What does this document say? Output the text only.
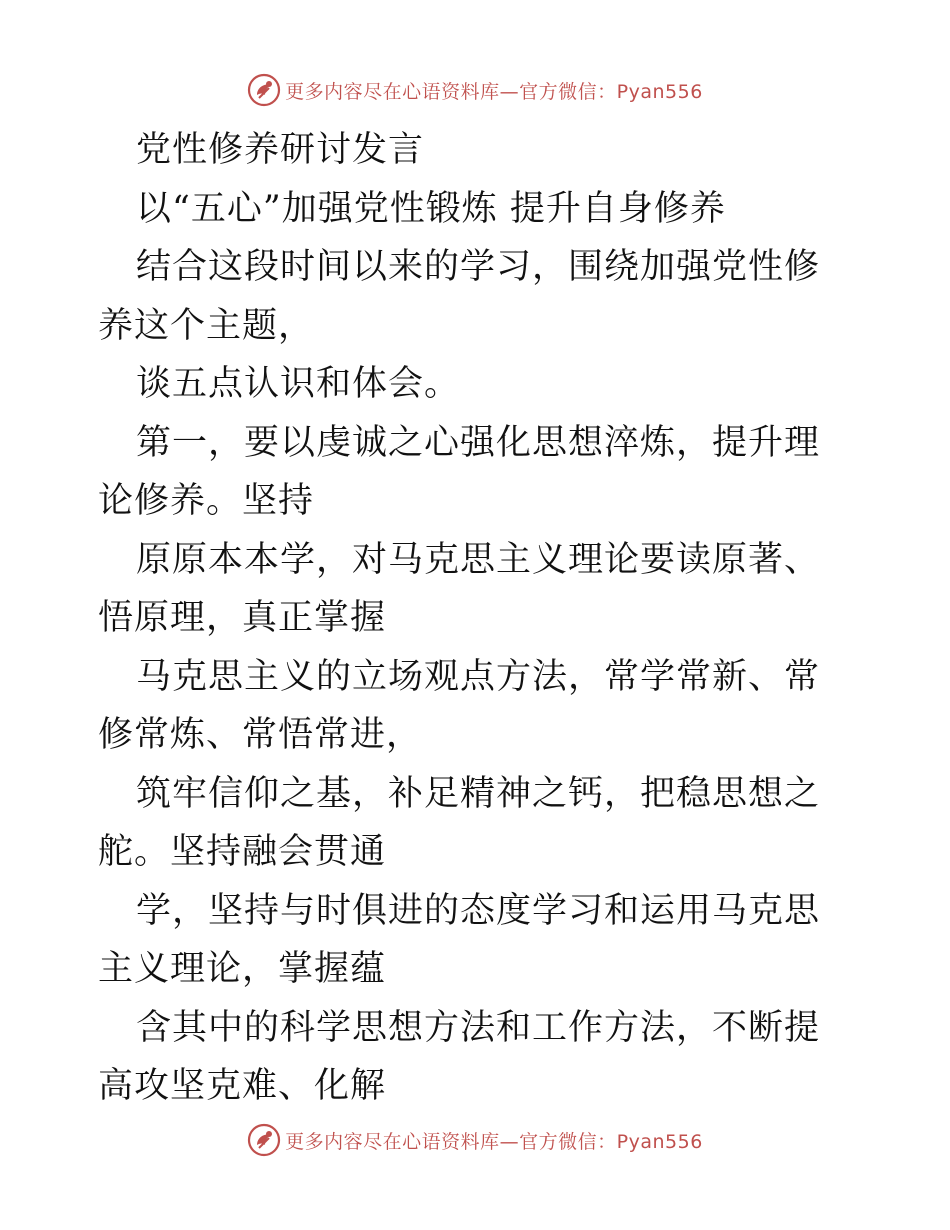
更多内容尽在心语资料库—官方微信：Pyan556

党性修养研讨发言

以“五心”加强党性锻炼 提升自身修养

结合这段时间以来的学习，围绕加强党性修养这个主题，

谈五点认识和体会。

第一，要以虔诚之心强化思想淬炼，提升理论修养。坚持

原原本本学，对马克思主义理论要读原著、悟原理，真正掌握

马克思主义的立场观点方法，常学常新、常修常炼、常悟常进，

筑牢信仰之基，补足精神之钙，把稳思想之舵。坚持融会贯通

学，坚持与时俱进的态度学习和运用马克思主义理论，掌握蕴

含其中的科学思想方法和工作方法，不断提高攻坚克难、化解

更多内容尽在心语资料库—官方微信：Pyan556
